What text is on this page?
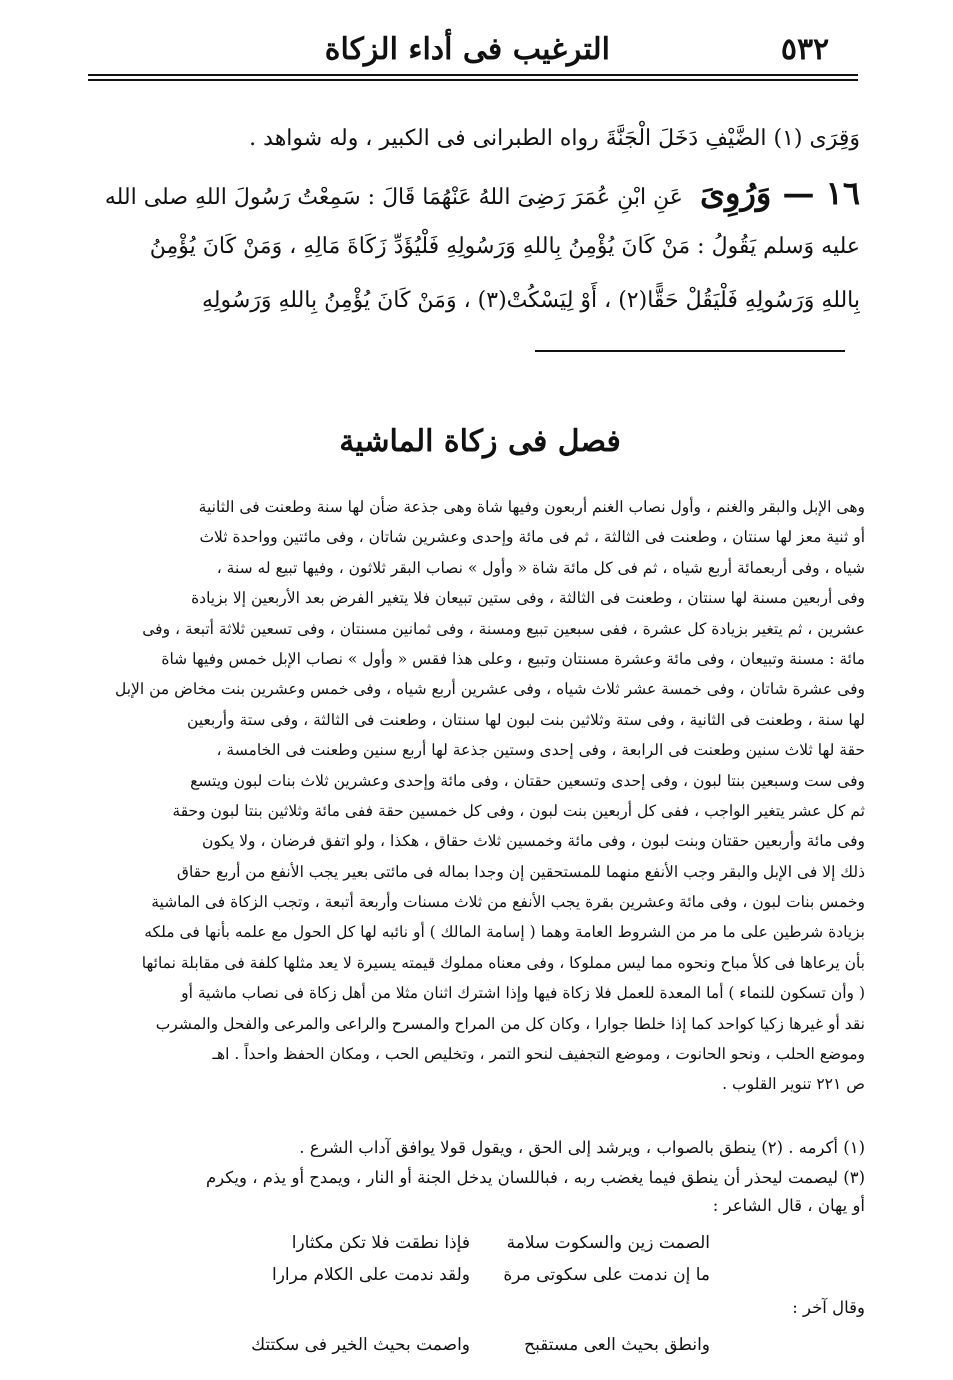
٥٣٢
الترغيب فى أداء الزكاة
وَقِرَى (١) الضَّيْفِ دَخَلَ الْجَنَّةَ رواه الطبرانى فى الكبير ، وله شواهد .
١٦ — وَرُوِىَ عَنِ ابْنِ عُمَرَ رَضِىَ اللهُ عَنْهُمَا قَالَ : سَمِعْتُ رَسُولَ اللهِ صلى الله
عليه وَسلم يَقُولُ : مَنْ كَانَ يُؤْمِنُ بِاللهِ وَرَسُولِهِ فَلْيُؤَدِّ زَكَاةَ مَالِهِ ، وَمَنْ كَانَ يُؤْمِنُ
بِاللهِ وَرَسُولِهِ فَلْيَقُلْ حَقًّا(٢) ، أَوْ لِيَسْكُتْ(٣) ، وَمَنْ كَانَ يُؤْمِنُ بِاللهِ وَرَسُولِهِ
فصل فى زكاة الماشية
وهى الإبل والبقر والغنم ، وأول نصاب الغنم أربعون وفيها شاة وهى جذعة ضأن لها سنة وطعنت فى الثانية
أو ثنية معز لها سنتان ، وطعنت فى الثالثة ، ثم فى مائة وإحدى وعشرين شاتان ، وفى مائتين وواحدة ثلاث
شياه ، وفى أربعمائة أربع شياه ، ثم فى كل مائة شاة « وأول » نصاب البقر ثلاثون ، وفيها تبيع له سنة ،
وفى أربعين مسنة لها سنتان ، وطعنت فى الثالثة ، وفى ستين تبيعان فلا يتغير الفرض بعد الأربعين إلا بزيادة
عشرين ، ثم يتغير بزيادة كل عشرة ، ففى سبعين تبيع ومسنة ، وفى ثمانين مسنتان ، وفى تسعين ثلاثة أتبعة ، وفى
مائة : مسنة وتبيعان ، وفى مائة وعشرة مسنتان وتبيع ، وعلى هذا فقس « وأول » نصاب الإبل خمس وفيها شاة
وفى عشرة شاتان ، وفى خمسة عشر ثلاث شياه ، وفى عشرين أربع شياه ، وفى خمس وعشرين بنت مخاض من الإبل
لها سنة ، وطعنت فى الثانية ، وفى ستة وثلاثين بنت لبون لها سنتان ، وطعنت فى الثالثة ، وفى ستة وأربعين
حقة لها ثلاث سنين وطعنت فى الرابعة ، وفى إحدى وستين جذعة لها أربع سنين وطعنت فى الخامسة ،
وفى ست وسبعين بنتا لبون ، وفى إحدى وتسعين حقتان ، وفى مائة وإحدى وعشرين ثلاث بنات لبون ويتسع
ثم كل عشر يتغير الواجب ، ففى كل أربعين بنت لبون ، وفى كل خمسين حقة ففى مائة وثلاثين بنتا لبون وحقة
وفى مائة وأربعين حقتان وبنت لبون ، وفى مائة وخمسين ثلاث حقاق ، هكذا ، ولو اتفق فرضان ، ولا يكون
ذلك إلا فى الإبل والبقر وجب الأنفع منهما للمستحقين إن وجدا بماله فى مائتى بعير يجب الأنفع من أربع حقاق
وخمس بنات لبون ، وفى مائة وعشرين بقرة يجب الأنفع من ثلاث مسنات وأربعة أتبعة ، وتجب الزكاة فى الماشية
بزيادة شرطين على ما مر من الشروط العامة وهما ( إسامة المالك ) أو نائبه لها كل الحول مع علمه بأنها فى ملكه
بأن يرعاها فى كلأ مباح ونحوه مما ليس مملوكا ، وفى معناه مملوك قيمته يسيرة لا يعد مثلها كلفة فى مقابلة نمائها
( وأن تسكون للنماء ) أما المعدة للعمل فلا زكاة فيها وإذا اشترك اثنان مثلا من أهل زكاة فى نصاب ماشية أو
نقد أو غيرها زكيا كواحد كما إذا خلطا جوارا ، وكان كل من المراح والمسرح والراعى والمرعى والفحل والمشرب
وموضع الحلب ، ونحو الحانوت ، وموضع التجفيف لنحو التمر ، وتخليص الحب ، ومكان الحفظ واحداً . اهـ
ص ٢٢١ تنوير القلوب .
(١) أكرمه . (٢) ينطق بالصواب ، ويرشد إلى الحق ، ويقول قولا يوافق آداب الشرع .
(٣) ليصمت ليحذر أن ينطق فيما يغضب ربه ، فباللسان يدخل الجنة أو النار ، ويمدح أو يذم ، ويكرم
أو يهان ، قال الشاعر :
الصمت زين والسكوت سلامة
فإذا نطقت فلا تكن مكثارا
ما إن ندمت على سكوتى مرة
ولقد ندمت على الكلام مرارا
وقال آخر :
وانطق بحيث العى مستقبح
واصمت بحيث الخير فى سكتتك
